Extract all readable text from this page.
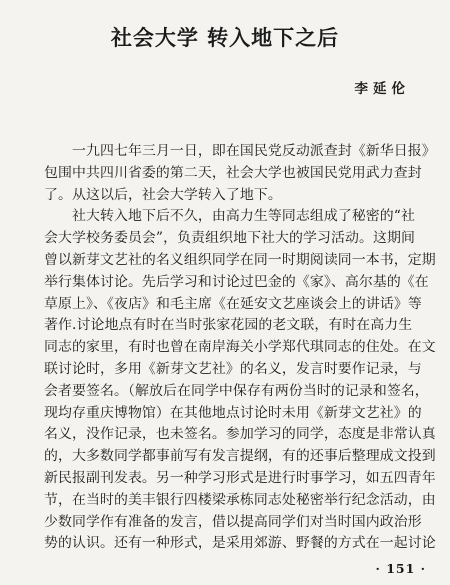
社会大学 转入地下之后
李延伦
一九四七年三月一日，即在国民党反动派查封《新华日报》
包围中共四川省委的第二天，社会大学也被国民党用武力查封
了。从这以后，社会大学转入了地下。
社大转入地下后不久，由高力生等同志组成了秘密的“社
会大学校务委员会”，负责组织地下社大的学习活动。这期间
曾以新芽文艺社的名义组织同学在同一时期阅读同一本书，定期
举行集体讨论。先后学习和讨论过巴金的《家》、高尔基的《在
草原上》、《夜店》和毛主席《在延安文艺座谈会上的讲话》等
著作.讨论地点有时在当时张家花园的老文联，有时在高力生
同志的家里，有时也曾在南岸海关小学郑代琪同志的住处。在文
联讨论时，多用《新芽文艺社》的名义，发言时要作记录，与
会者要签名。（解放后在同学中保存有两份当时的记录和签名，
现均存重庆博物馆）在其他地点讨论时未用《新芽文艺社》的
名义，没作记录，也未签名。参加学习的同学，态度是非常认真
的，大多数同学都事前写有发言提纲，有的还事后整理成文投到
新民报副刊发表。另一种学习形式是进行时事学习，如五四青年
节，在当时的美丰银行四楼梁承栋同志处秘密举行纪念活动，由
少数同学作有准备的发言，借以提高同学们对当时国内政治形
势的认识。还有一种形式，是采用郊游、野餐的方式在一起讨论
· 151 ·
